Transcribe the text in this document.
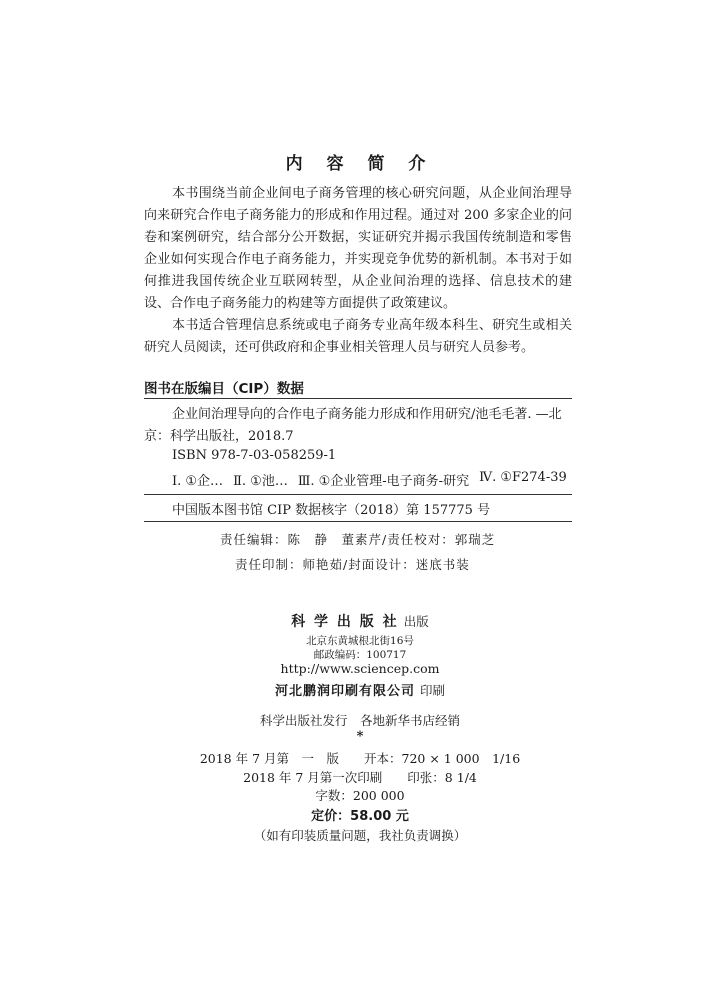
内 容 简 介

本书围绕当前企业间电子商务管理的核心研究问题，从企业间治理导向来研究合作电子商务能力的形成和作用过程。通过对 200 多家企业的问卷和案例研究，结合部分公开数据，实证研究并揭示我国传统制造和零售企业如何实现合作电子商务能力，并实现竞争优势的新机制。本书对于如何推进我国传统企业互联网转型，从企业间治理的选择、信息技术的建设、合作电子商务能力的构建等方面提供了政策建议。

本书适合管理信息系统或电子商务专业高年级本科生、研究生或相关研究人员阅读，还可供政府和企事业相关管理人员与研究人员参考。

图书在版编目（CIP）数据

企业间治理导向的合作电子商务能力形成和作用研究/池毛毛著. —北京：科学出版社，2018.7

ISBN 978-7-03-058259-1
Ⅰ. ①企… Ⅱ. ①池… Ⅲ. ①企业管理-电子商务-研究 Ⅳ. ①F274-39
中国版本图书馆 CIP 数据核字（2018）第 157775 号
责任编辑：陈　静　董素芹/责任校对：郭瑞芝
责任印制：师艳茹/封面设计：迷底书装
科 学 出 版 社 出版
北京东黄城根北街16号
邮政编码：100717
http://www.sciencep.com
河北鹏润印刷有限公司 印刷
科学出版社发行　各地新华书店经销
*
2018 年 7 月第　一　版　　开本：720 × 1 000　1/16
2018 年 7 月第一次印刷　　印张：8 1/4
字数：200 000
定价：58.00 元
（如有印装质量问题，我社负责调换）
